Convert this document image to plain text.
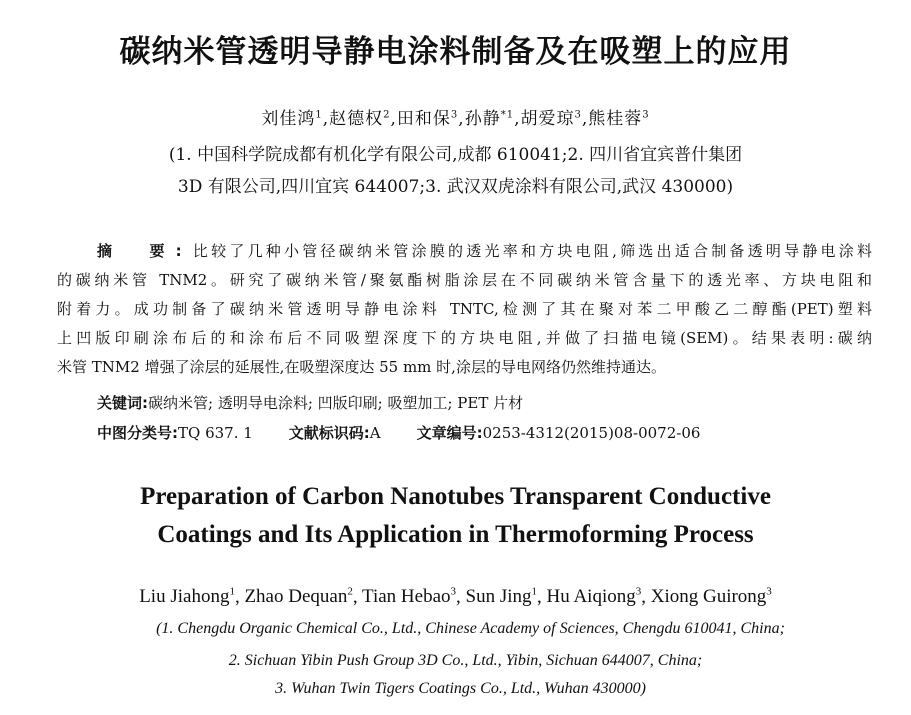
碳纳米管透明导静电涂料制备及在吸塑上的应用
刘佳鸿$^1$,赵德权$^2$,田和保$^3$,孙静$^{*1}$,胡爱琼$^3$,熊桂蓉$^3$
(1. 中国科学院成都有机化学有限公司,成都 610041;2. 四川省宜宾普什集团
3D 有限公司,四川宜宾 644007;3. 武汉双虎涂料有限公司,武汉 430000)
摘　要:比较了几种小管径碳纳米管涂膜的透光率和方块电阻,筛选出适合制备透明导静电涂料
的碳纳米管 TNM2。研究了碳纳米管/聚氨酯树脂涂层在不同碳纳米管含量下的透光率、方块电阻和
附着力。成功制备了碳纳米管透明导静电涂料 TNTC,检测了其在聚对苯二甲酸乙二醇酯(PET)塑料
上凹版印刷涂布后的和涂布后不同吸塑深度下的方块电阻,并做了扫描电镜(SEM)。结果表明:碳纳
米管 TNM2 增强了涂层的延展性,在吸塑深度达 55 mm 时,涂层的导电网络仍然维持通达。
关键词:碳纳米管; 透明导电涂料; 凹版印刷; 吸塑加工; PET 片材
中图分类号:TQ 637. 1 文献标识码:A 文章编号:0253-4312(2015)08-0072-06
Preparation of Carbon Nanotubes Transparent Conductive
Coatings and Its Application in Thermoforming Process
Liu Jiahong$^1$, Zhao Dequan$^2$, Tian Hebao$^3$, Sun Jing$^1$, Hu Aiqiong$^3$, Xiong Guirong$^3$
(1. Chengdu Organic Chemical Co., Ltd., Chinese Academy of Sciences, Chengdu 610041, China;
2. Sichuan Yibin Push Group 3D Co., Ltd., Yibin, Sichuan 644007, China;
3. Wuhan Twin Tigers Coatings Co., Ltd., Wuhan 430000)
